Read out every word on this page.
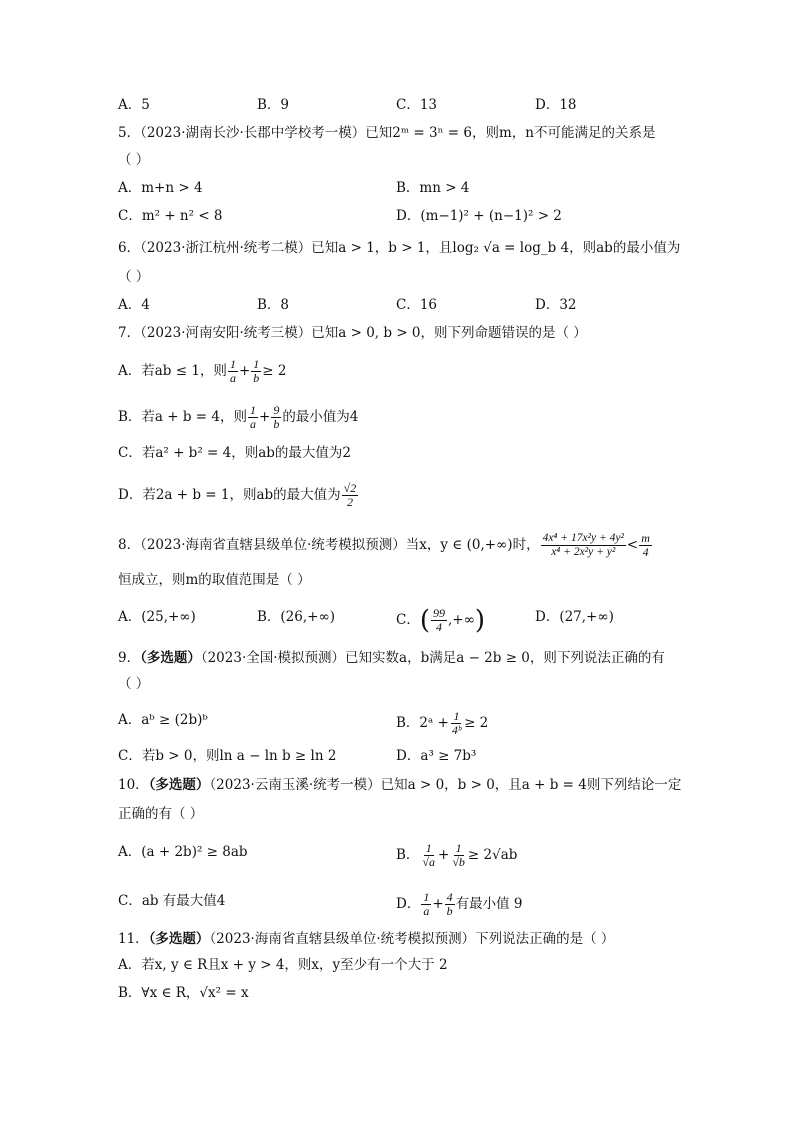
A．5	B．9	C．13	D．18
5．（2023·湖南长沙·长郡中学校考一模）已知2ᵐ = 3ⁿ = 6，则m，n不可能满足的关系是
（ ）
A．m+n > 4	B．mn > 4
C．m² + n² < 8	D．(m−1)² + (n−1)² > 2
6．（2023·浙江杭州·统考二模）已知a > 1，b > 1，且log₂ √a = log_b 4，则ab的最小值为
（ ）
A．4	B．8	C．16	D．32
7．（2023·河南安阳·统考三模）已知a > 0, b > 0，则下列命题错误的是（ ）
A．若ab ≤ 1，则 $\frac{1}{a} + \frac{1}{b} \ge 2$
B．若a + b = 4，则 $\frac{1}{a} + \frac{9}{b}$ 的最小值为4
C．若a² + b² = 4，则ab的最大值为2
D．若2a + b = 1，则ab的最大值为 $\frac{√2}{2}$
8．（2023·海南省直辖县级单位·统考模拟预测）当x，y ∈ (0,+∞)时， $\frac{\text{4x⁴ + 17x²y + 4y²}}{\text{x⁴ + 2x²y + y²}} < \frac{m}{4}$
恒成立，则m的取值范围是（ ）
A．(25,+∞)	B．(26,+∞)	C．( $\frac{99}{4}$ ,+∞)	D．(27,+∞)
9．（多选题）（2023·全国·模拟预测）已知实数a，b满足a − 2b ≥ 0，则下列说法正确的有
（ ）
A．aᵇ ≥ (2b)ᵇ	B．2ᵃ + $\frac{1}{\text{4ᵇ}} \ge 2$
C．若b > 0，则ln a − ln b ≥ ln 2	D．a³ ≥ 7b³
10．（多选题）（2023·云南玉溪·统考一模）已知a > 0，b > 0，且a + b = 4则下列结论一定
正确的有（ ）
A．(a + 2b)² ≥ 8ab	B． $\frac{1}{√a} + \frac{1}{√b} \ge 2√ab$
C．ab 有最大值4	D． $\frac{1}{a} + \frac{4}{b}$ 有最小值 9
11．（多选题）（2023·海南省直辖县级单位·统考模拟预测）下列说法正确的是（ ）
A．若x, y ∈ R且x + y > 4，则x，y至少有一个大于 2
B．∀x ∈ R，√x² = x
